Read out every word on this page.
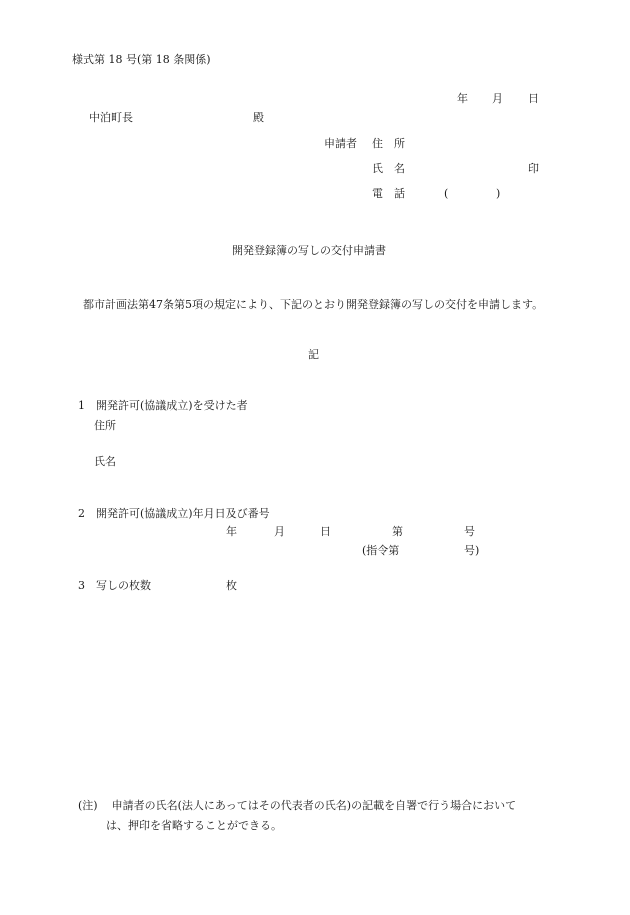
様式第 18 号(第 18 条関係)
年 月 日
中泊町長	殿
申請者 住　所
氏　名	印
電　話	(	)
開発登録簿の写しの交付申請書
　都市計画法第47条第5項の規定により、下記のとおり開発登録簿の写しの交付を申請します。
記
1　開発許可(協議成立)を受けた者
住所
氏名
2　開発許可(協議成立)年月日及び番号
年	月	日	第	号
(指令第	号)
3　写しの枚数	枚
(注) 申請者の氏名(法人にあってはその代表者の氏名)の記載を自署で行う場合において
は、押印を省略することができる。
